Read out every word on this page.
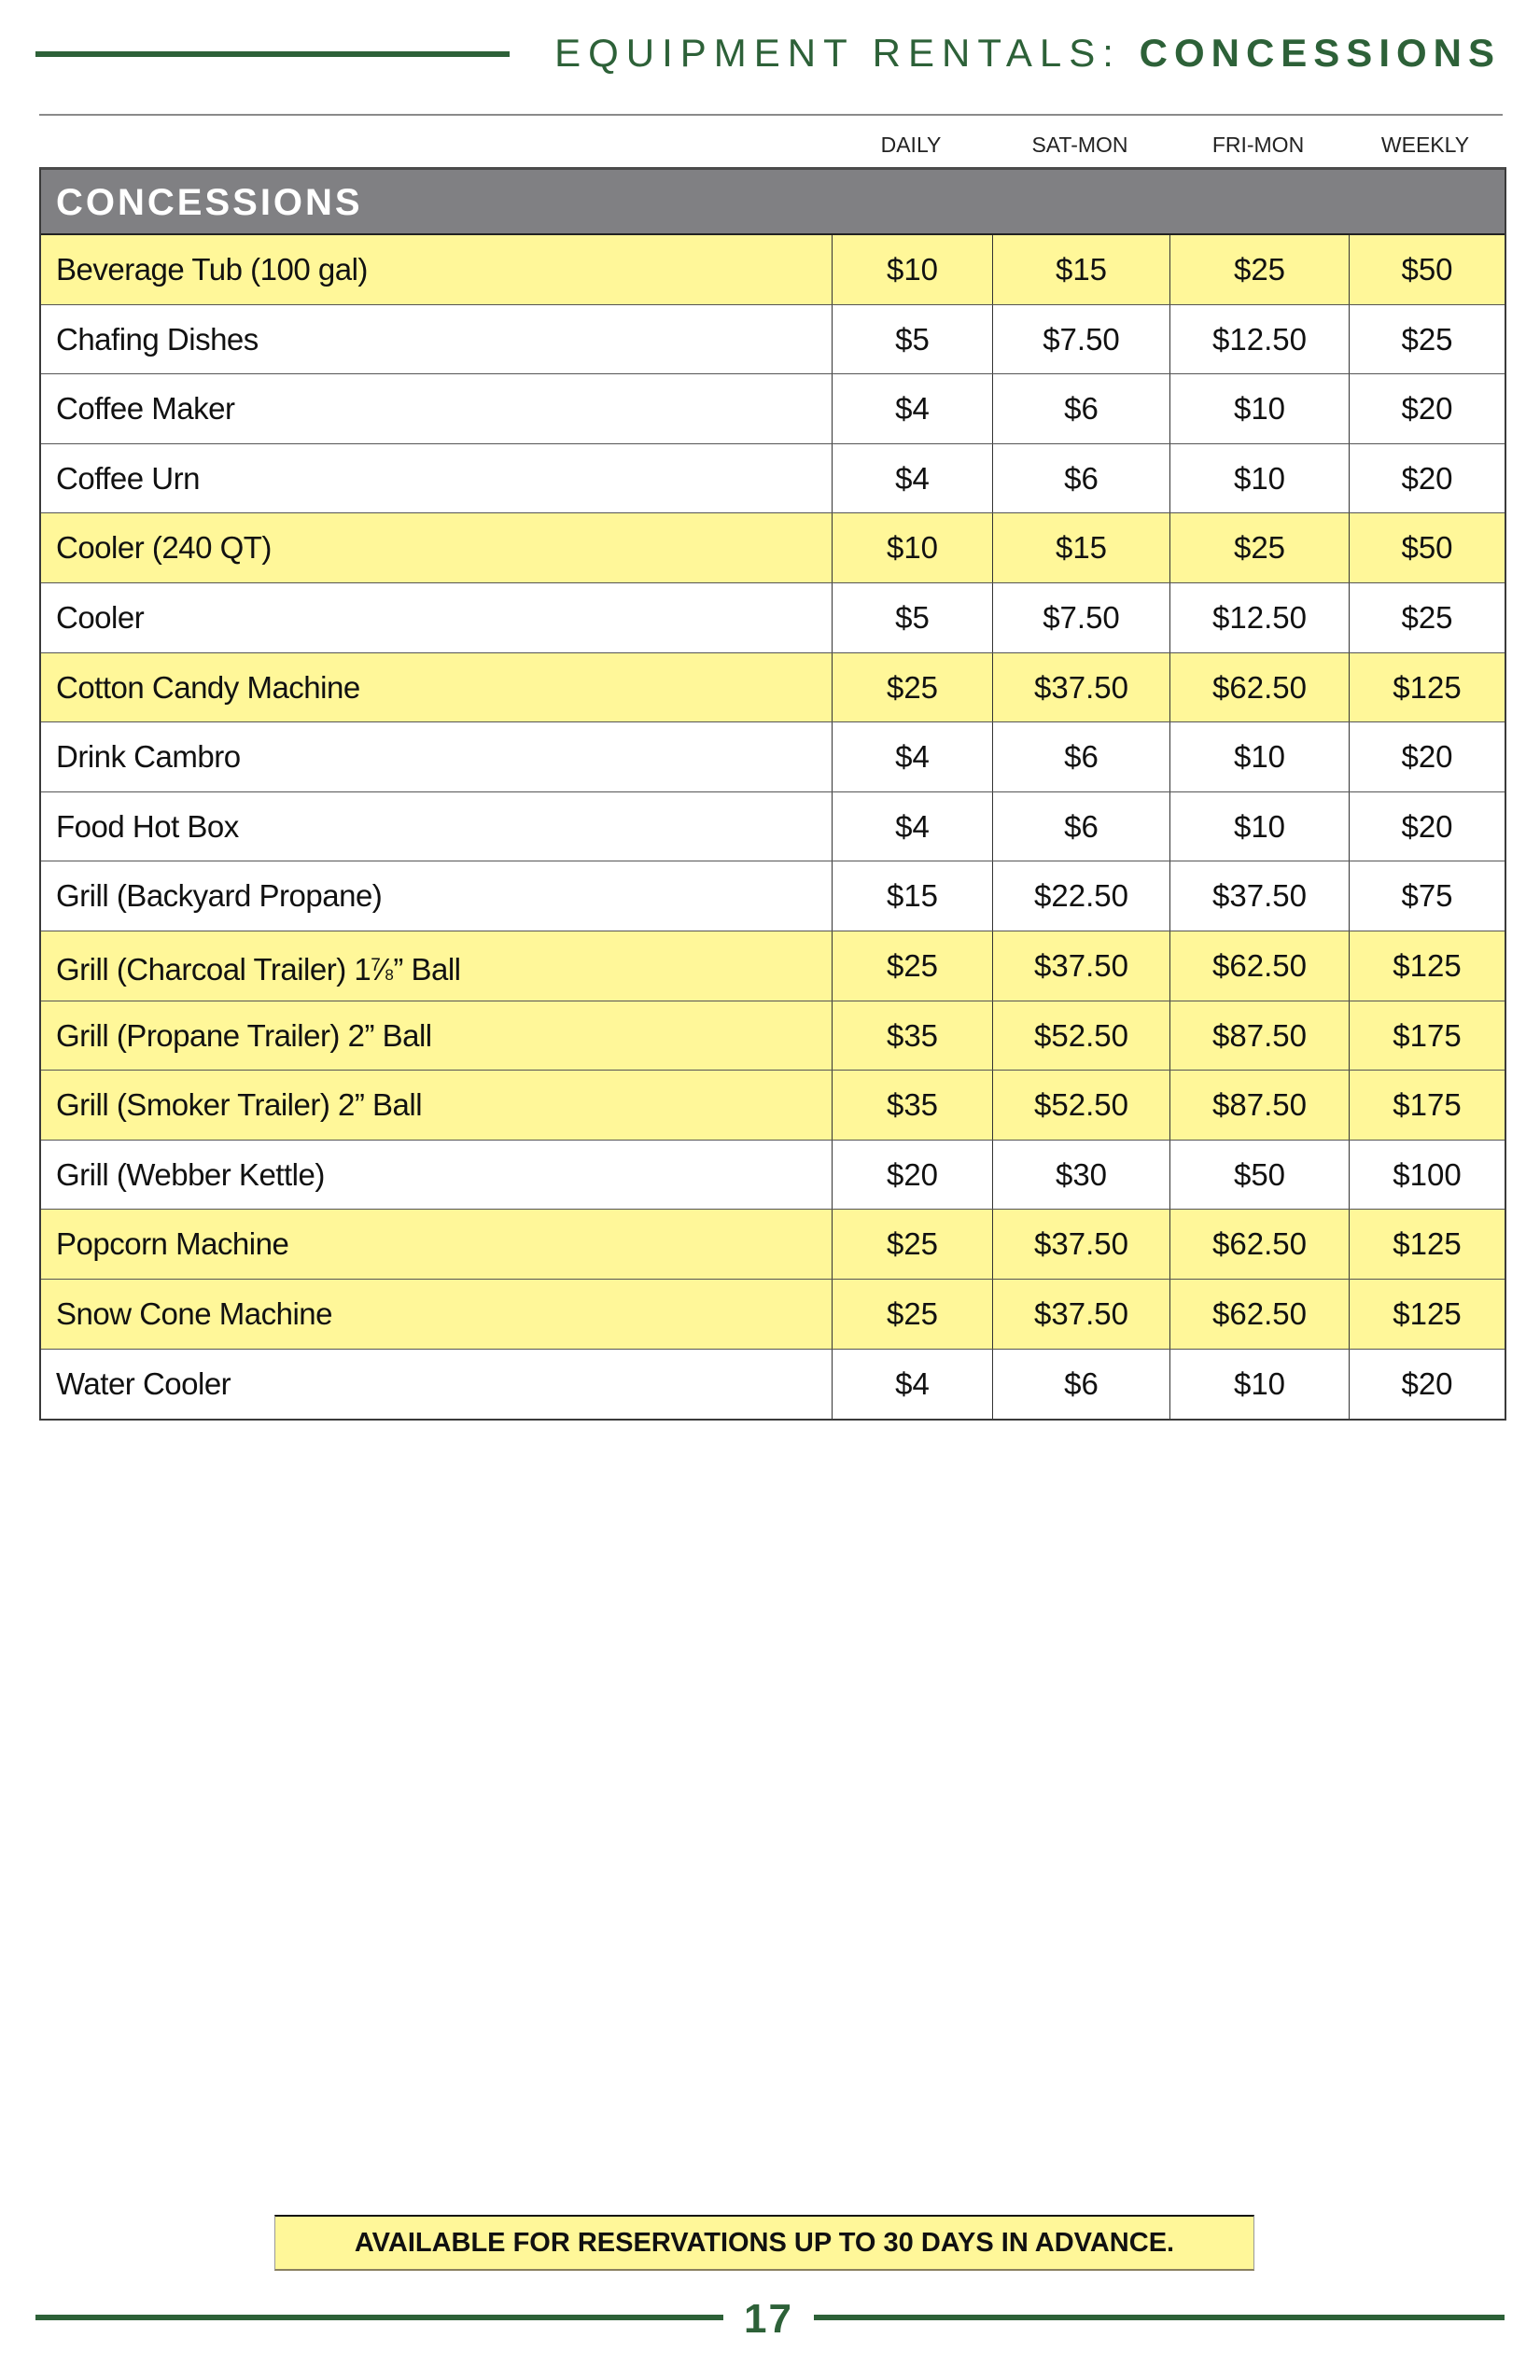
EQUIPMENT RENTALS: CONCESSIONS
DAILY	SAT-MON	FRI-MON	WEEKLY
CONCESSIONS
Beverage Tub (100 gal)	$10	$15	$25	$50
Chafing Dishes	$5	$7.50	$12.50	$25
Coffee Maker	$4	$6	$10	$20
Coffee Urn	$4	$6	$10	$20
Cooler (240 QT)	$10	$15	$25	$50
Cooler	$5	$7.50	$12.50	$25
Cotton Candy Machine	$25	$37.50	$62.50	$125
Drink Cambro	$4	$6	$10	$20
Food Hot Box	$4	$6	$10	$20
Grill (Backyard Propane)	$15	$22.50	$37.50	$75
Grill (Charcoal Trailer) $1^7⁄8$” Ball	$25	$37.50	$62.50	$125
Grill (Propane Trailer) 2” Ball	$35	$52.50	$87.50	$175
Grill (Smoker Trailer) 2” Ball	$35	$52.50	$87.50	$175
Grill (Webber Kettle)	$20	$30	$50	$100
Popcorn Machine	$25	$37.50	$62.50	$125
Snow Cone Machine	$25	$37.50	$62.50	$125
Water Cooler	$4	$6	$10	$20
AVAILABLE FOR RESERVATIONS UP TO 30 DAYS IN ADVANCE.
17
